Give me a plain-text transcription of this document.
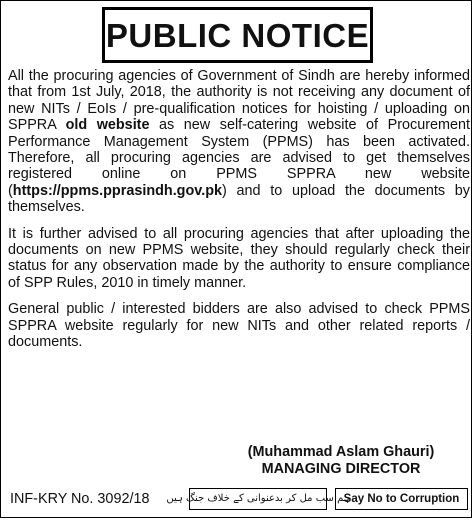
PUBLIC NOTICE

All the procuring agencies of Government of Sindh are hereby informed that from 1st July, 2018, the authority is not receiving any document of new NITs / EoIs / pre-qualification notices for hoisting / uploading on SPPRA old website as new self-catering website of Procurement Performance Management System (PPMS) has been activated. Therefore, all procuring agencies are advised to get themselves registered online on PPMS SPPRA new website (https://ppms.pprasindh.gov.pk) and to upload the documents by themselves.

It is further advised to all procuring agencies that after uploading the documents on new PPMS website, they should regularly check their status for any observation made by the authority to ensure compliance of SPP Rules, 2010 in timely manner.

General public / interested bidders are also advised to check PPMS SPPRA website regularly for new NITs and other related reports / documents.

(Muhammad Aslam Ghauri)
MANAGING DIRECTOR
INF-KRY No. 3092/18 ہم سب مل کر بدعنوانی کے خلاف جنگ ہیں
Say No to Corruption
